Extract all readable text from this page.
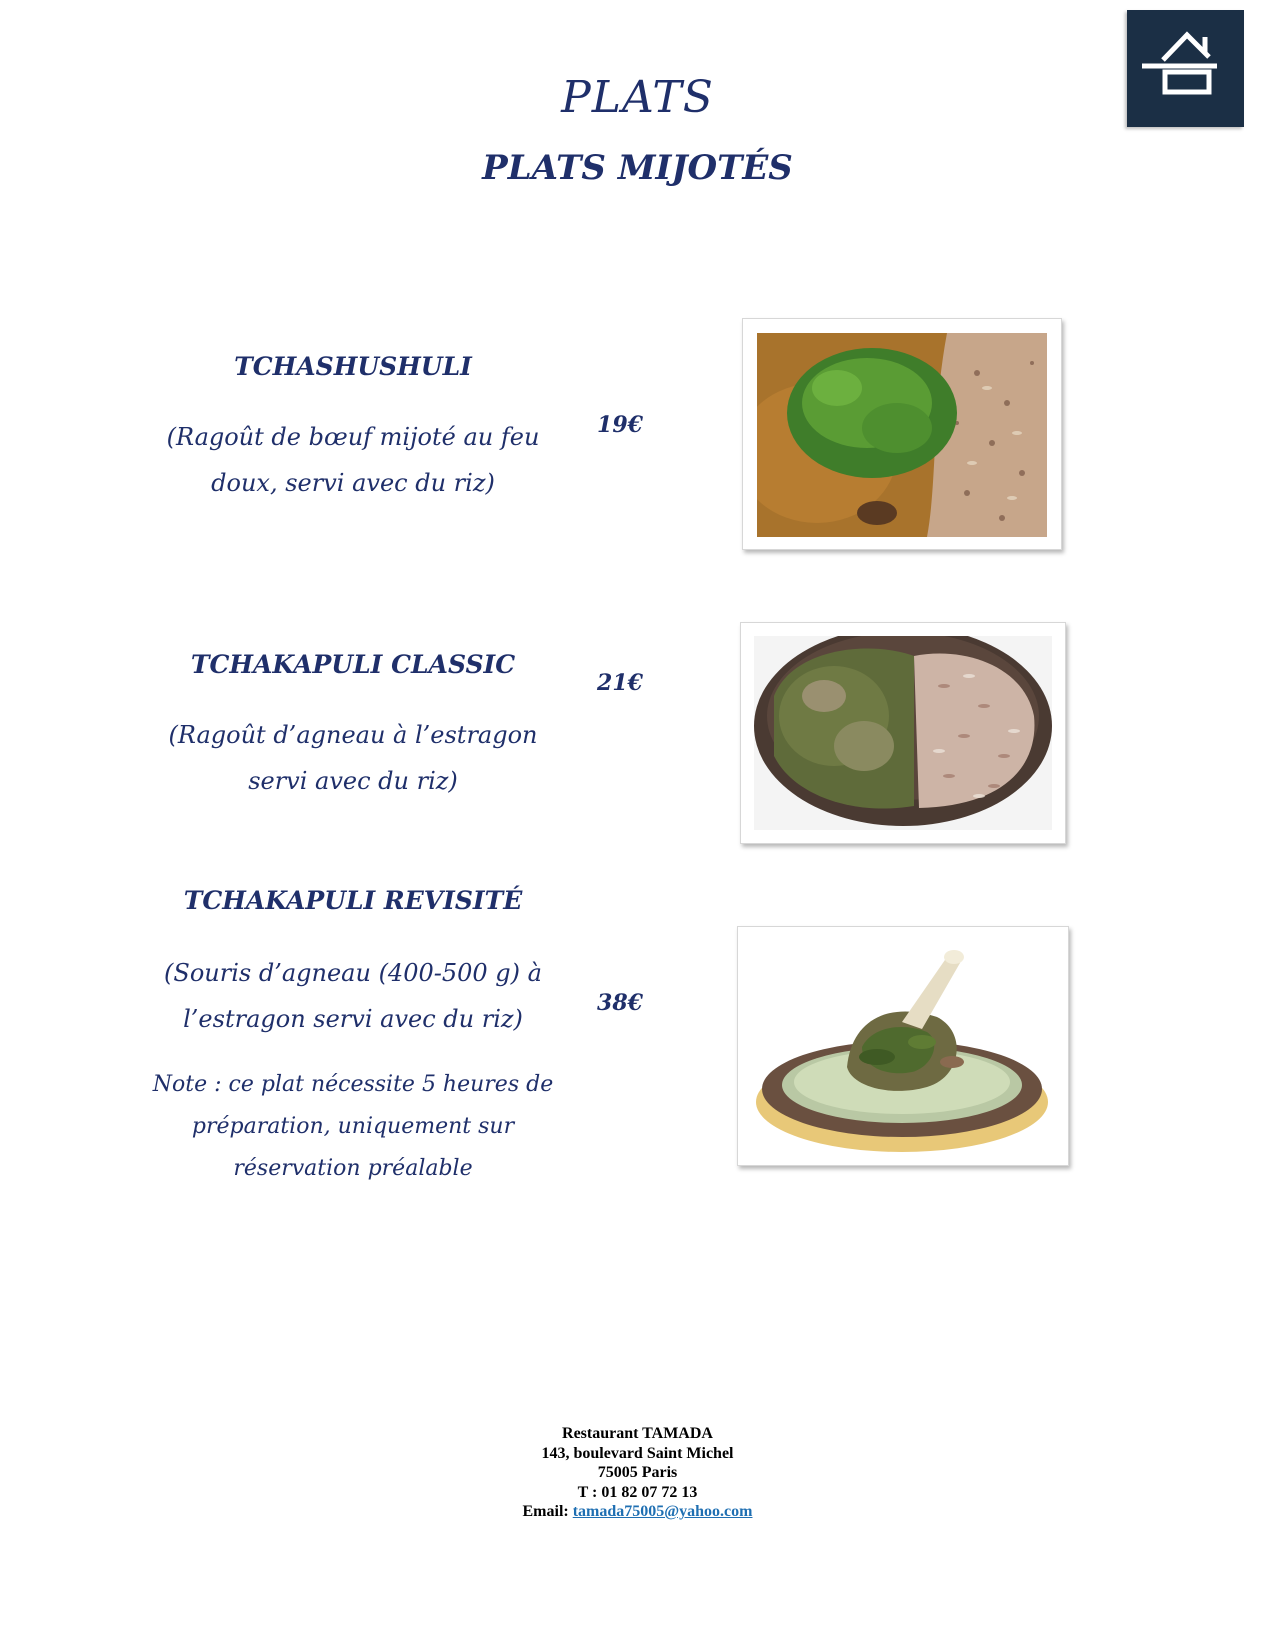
PLATS
PLATS MIJOTÉS
TCHASHUSHULI
(Ragoût de bœuf mijoté au feu
doux, servi avec du riz)
19€
TCHAKAPULI CLASSIC
(Ragoût d’agneau à l’estragon
servi avec du riz)
21€
TCHAKAPULI REVISITÉ
(Souris d’agneau (400-500 g) à
l’estragon servi avec du riz)
Note : ce plat nécessite 5 heures de
préparation, uniquement sur
réservation préalable
38€
Restaurant TAMADA
143, boulevard Saint Michel
75005 Paris
T : 01 82 07 72 13
Email: tamada75005@yahoo.com
